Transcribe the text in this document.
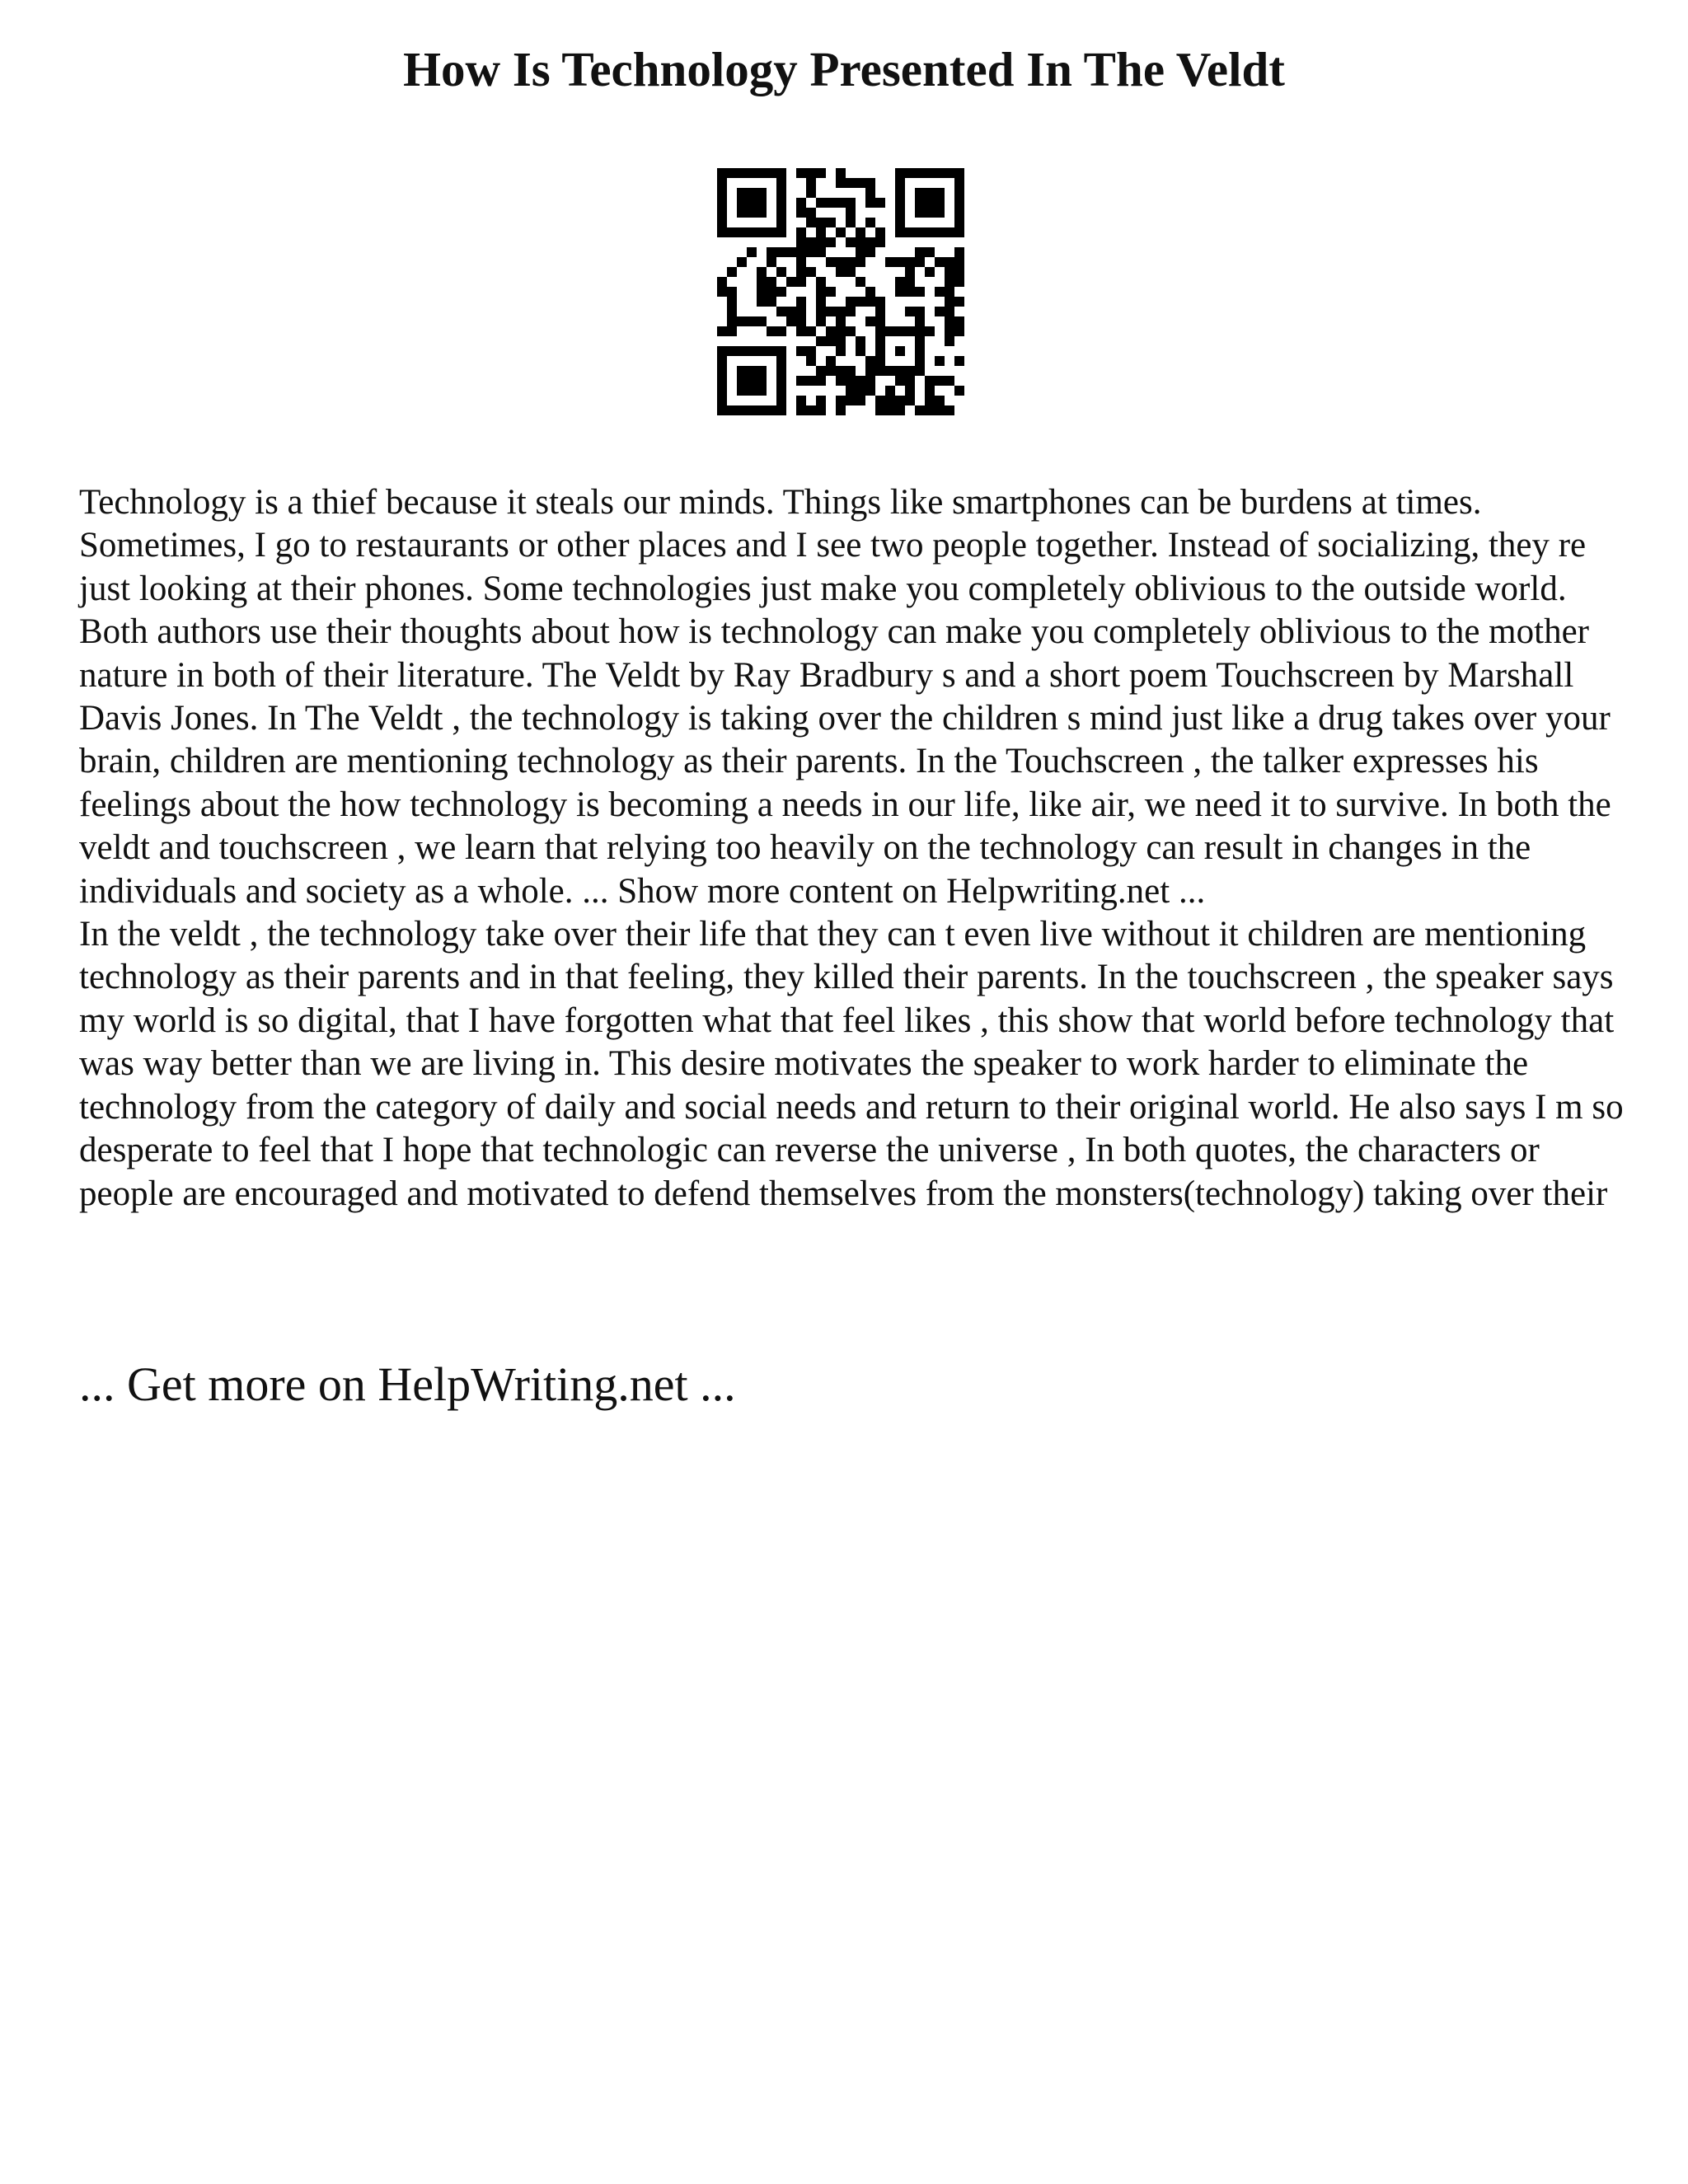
How Is Technology Presented In The Veldt

Technology is a thief because it steals our minds. Things like smartphones can be burdens at times. Sometimes, I go to restaurants or other places and I see two people together. Instead of socializing, they re just looking at their phones. Some technologies just make you completely oblivious to the outside world. Both authors use their thoughts about how is technology can make you completely oblivious to the mother nature in both of their literature. The Veldt by Ray Bradbury s and a short poem Touchscreen by Marshall Davis Jones. In The Veldt , the technology is taking over the children s mind just like a drug takes over your brain, children are mentioning technology as their parents. In the Touchscreen , the talker expresses his feelings about the how technology is becoming a needs in our life, like air, we need it to survive. In both the veldt and touchscreen , we learn that relying too heavily on the technology can result in changes in the individuals and society as a whole. ... Show more content on Helpwriting.net ...

In the veldt , the technology take over their life that they can t even live without it children are mentioning technology as their parents and in that feeling, they killed their parents. In the touchscreen , the speaker says my world is so digital, that I have forgotten what that feel likes , this show that world before technology that was way better than we are living in. This desire motivates the speaker to work harder to eliminate the technology from the category of daily and social needs and return to their original world. He also says I m so desperate to feel that I hope that technologic can reverse the universe , In both quotes, the characters or people are encouraged and motivated to defend themselves from the monsters(technology) taking over their

... Get more on HelpWriting.net ...
